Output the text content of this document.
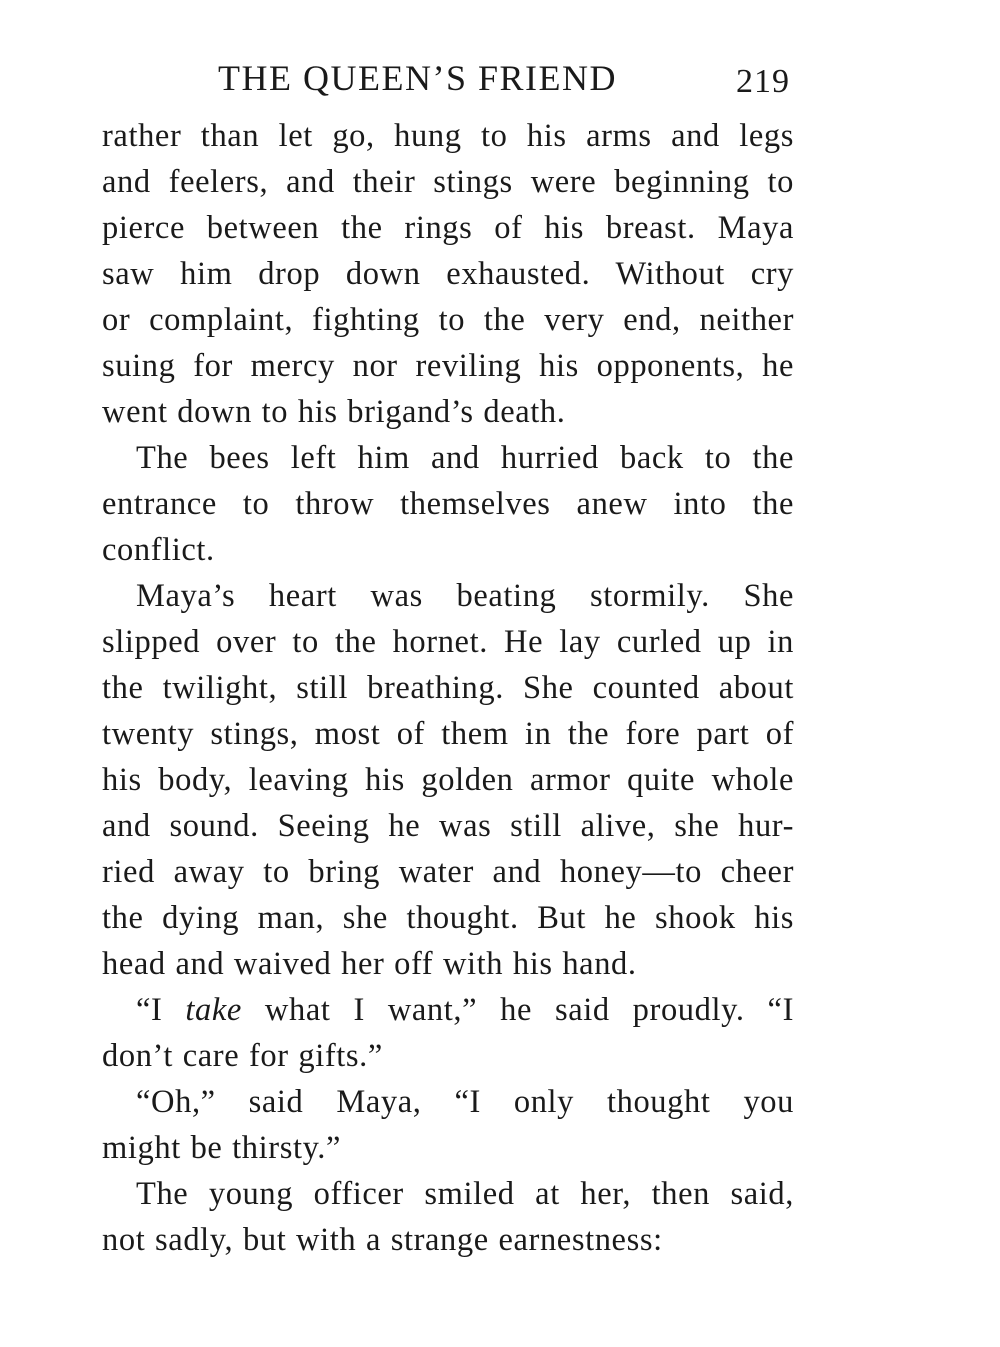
THE QUEEN’S FRIEND	219
rather than let go, hung to his arms and legs
and feelers, and their stings were beginning to
pierce between the rings of his breast. Maya
saw him drop down exhausted. Without cry
or complaint, fighting to the very end, neither
suing for mercy nor reviling his opponents, he
went down to his brigand’s death.
The bees left him and hurried back to the
entrance to throw themselves anew into the
conflict.
Maya’s heart was beating stormily. She
slipped over to the hornet. He lay curled up in
the twilight, still breathing. She counted about
twenty stings, most of them in the fore part of
his body, leaving his golden armor quite whole
and sound. Seeing he was still alive, she hur-
ried away to bring water and honey—to cheer
the dying man, she thought. But he shook his
head and waived her off with his hand.
“I take what I want,” he said proudly. “I
don’t care for gifts.”
“Oh,” said Maya, “I only thought you
might be thirsty.”
The young officer smiled at her, then said,
not sadly, but with a strange earnestness:
